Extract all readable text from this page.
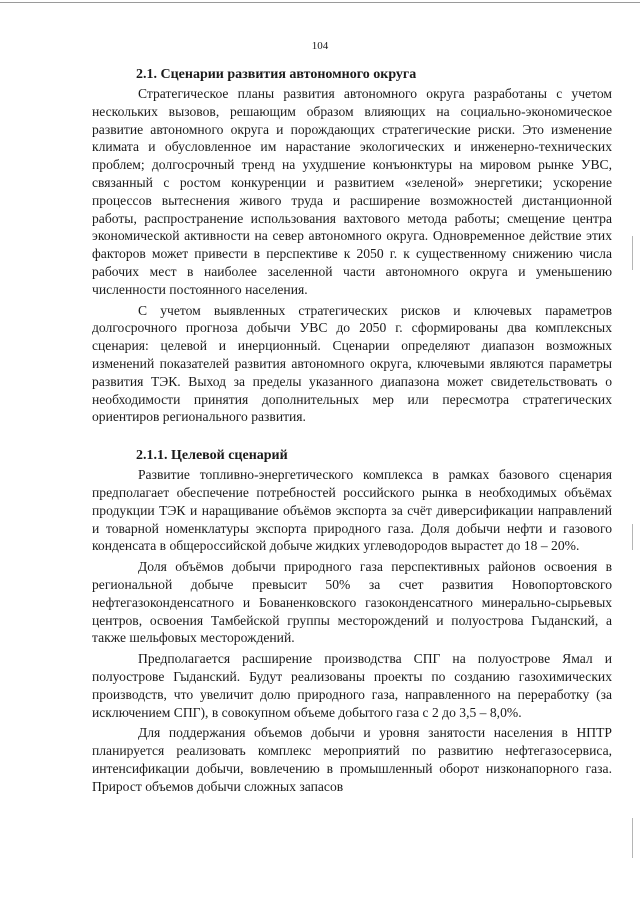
104
2.1. Сценарии развития автономного округа

Стратегическое планы развития автономного округа разработаны с учетом нескольких вызовов, решающим образом влияющих на социально-экономическое развитие автономного округа и порождающих стратегические риски. Это изменение климата и обусловленное им нарастание экологических и инженерно-технических проблем; долгосрочный тренд на ухудшение конъюнктуры на мировом рынке УВС, связанный с ростом конкуренции и развитием «зеленой» энергетики; ускорение процессов вытеснения живого труда и расширение возможностей дистанционной работы, распространение использования вахтового метода работы; смещение центра экономической активности на север автономного округа. Одновременное действие этих факторов может привести в перспективе к 2050 г. к существенному снижению числа рабочих мест в наиболее заселенной части автономного округа и уменьшению численности постоянного населения.

С учетом выявленных стратегических рисков и ключевых параметров долгосрочного прогноза добычи УВС до 2050 г. сформированы два комплексных сценария: целевой и инерционный. Сценарии определяют диапазон возможных изменений показателей развития автономного округа, ключевыми являются параметры развития ТЭК. Выход за пределы указанного диапазона может свидетельствовать о необходимости принятия дополнительных мер или пересмотра стратегических ориентиров регионального развития.

2.1.1. Целевой сценарий

Развитие топливно-энергетического комплекса в рамках базового сценария предполагает обеспечение потребностей российского рынка в необходимых объёмах продукции ТЭК и наращивание объёмов экспорта за счёт диверсификации направлений и товарной номенклатуры экспорта природного газа. Доля добычи нефти и газового конденсата в общероссийской добыче жидких углеводородов вырастет до 18 – 20%.

Доля объёмов добычи природного газа перспективных районов освоения в региональной добыче превысит 50% за счет развития Новопортовского нефтегазоконденсатного и Бованенковского газоконденсатного минерально-сырьевых центров, освоения Тамбейской группы месторождений и полуострова Гыданский, а также шельфовых месторождений.

Предполагается расширение производства СПГ на полуострове Ямал и полуострове Гыданский. Будут реализованы проекты по созданию газохимических производств, что увеличит долю природного газа, направленного на переработку (за исключением СПГ), в совокупном объеме добытого газа с 2 до 3,5 – 8,0%.

Для поддержания объемов добычи и уровня занятости населения в НПТР планируется реализовать комплекс мероприятий по развитию нефтегазосервиса, интенсификации добычи, вовлечению в промышленный оборот низконапорного газа. Прирост объемов добычи сложных запасов
